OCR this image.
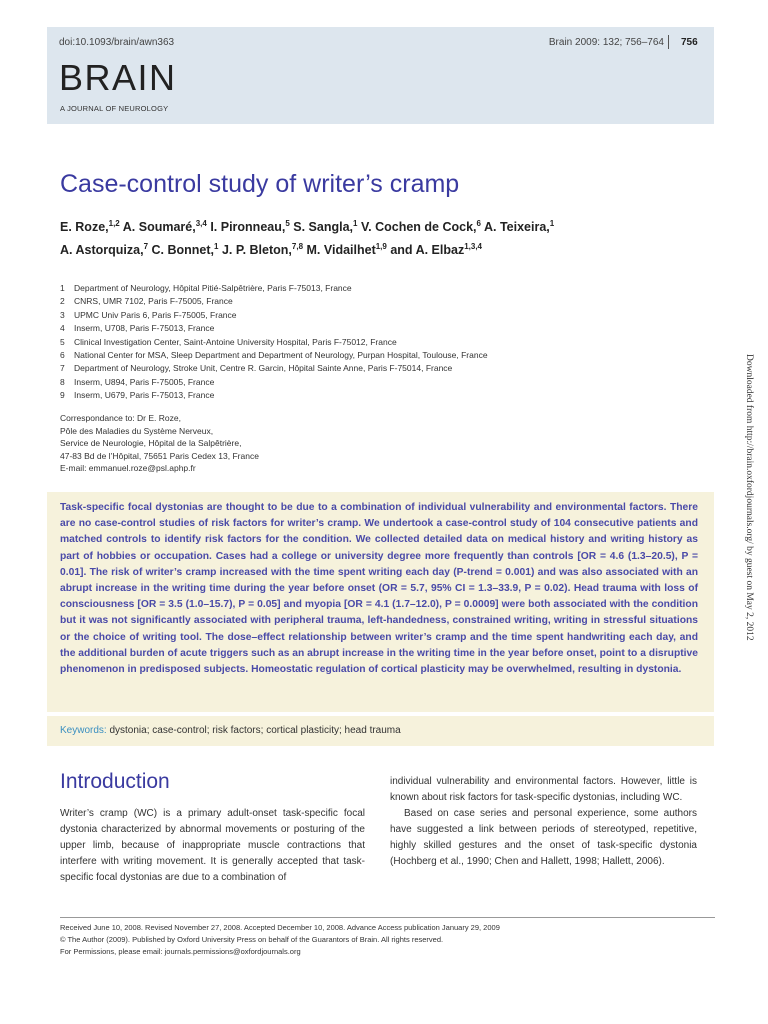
doi:10.1093/brain/awn363	Brain 2009: 132; 756–764 756
BRAIN
A JOURNAL OF NEUROLOGY
Case-control study of writer’s cramp
E. Roze,$^{1,2}$ A. Soumaré,$^{3,4}$ I. Pironneau,$^5$ S. Sangla,$^1$ V. Cochen de Cock,$^6$ A. Teixeira,$^1$
A. Astorquiza,$^7$ C. Bonnet,$^1$ J. P. Bleton,$^{7,8}$ M. Vidailhet$^{1,9}$ and A. Elbaz$^{1,3,4}$
1 Department of Neurology, Hôpital Pitié-Salpêtrière, Paris F-75013, France
2 CNRS, UMR 7102, Paris F-75005, France
3 UPMC Univ Paris 6, Paris F-75005, France
4 Inserm, U708, Paris F-75013, France
5 Clinical Investigation Center, Saint-Antoine University Hospital, Paris F-75012, France
6 National Center for MSA, Sleep Department and Department of Neurology, Purpan Hospital, Toulouse, France
7 Department of Neurology, Stroke Unit, Centre R. Garcin, Hôpital Sainte Anne, Paris F-75014, France
8 Inserm, U894, Paris F-75005, France
9 Inserm, U679, Paris F-75013, France
Correspondance to: Dr E. Roze,
Pôle des Maladies du Système Nerveux,
Service de Neurologie, Hôpital de la Salpêtrière,
47-83 Bd de l’Hôpital, 75651 Paris Cedex 13, France
E-mail: emmanuel.roze@psl.aphp.fr

Task-specific focal dystonias are thought to be due to a combination of individual vulnerability and environmental factors. There are no case-control studies of risk factors for writer’s cramp. We undertook a case-control study of 104 consecutive patients and matched controls to identify risk factors for the condition. We collected detailed data on medical history and writing history as part of hobbies or occupation. Cases had a college or university degree more frequently than controls [OR = 4.6 (1.3–20.5), P = 0.01]. The risk of writer’s cramp increased with the time spent writing each day (P-trend = 0.001) and was also associated with an abrupt increase in the writing time during the year before onset (OR = 5.7, 95% CI = 1.3–33.9, P = 0.02). Head trauma with loss of consciousness [OR = 3.5 (1.0–15.7), P = 0.05] and myopia [OR = 4.1 (1.7–12.0), P = 0.0009] were both associated with the condition but it was not significantly associated with peripheral trauma, left-handedness, constrained writing, writing in stressful situations or the choice of writing tool. The dose–effect relationship between writer’s cramp and the time spent handwriting each day, and the additional burden of acute triggers such as an abrupt increase in the writing time in the year before onset, point to a disruptive phenomenon in predisposed subjects. Homeostatic regulation of cortical plasticity may be overwhelmed, resulting in dystonia.

Keywords: dystonia; case-control; risk factors; cortical plasticity; head trauma
Introduction

Writer’s cramp (WC) is a primary adult-onset task-specific focal dystonia characterized by abnormal movements or posturing of the upper limb, because of inappropriate muscle contractions that interfere with writing movement. It is generally accepted that task-specific focal dystonias are due to a combination of

individual vulnerability and environmental factors. However, little is known about risk factors for task-specific dystonias, including WC.

Based on case series and personal experience, some authors have suggested a link between periods of stereotyped, repetitive, highly skilled gestures and the onset of task-specific dystonia (Hochberg et al., 1990; Chen and Hallett, 1998; Hallett, 2006).

Received June 10, 2008. Revised November 27, 2008. Accepted December 10, 2008. Advance Access publication January 29, 2009
© The Author (2009). Published by Oxford University Press on behalf of the Guarantors of Brain. All rights reserved.
For Permissions, please email: journals.permissions@oxfordjournals.org
Downloaded from http://brain.oxfordjournals.org/ by guest on May 2, 2012
